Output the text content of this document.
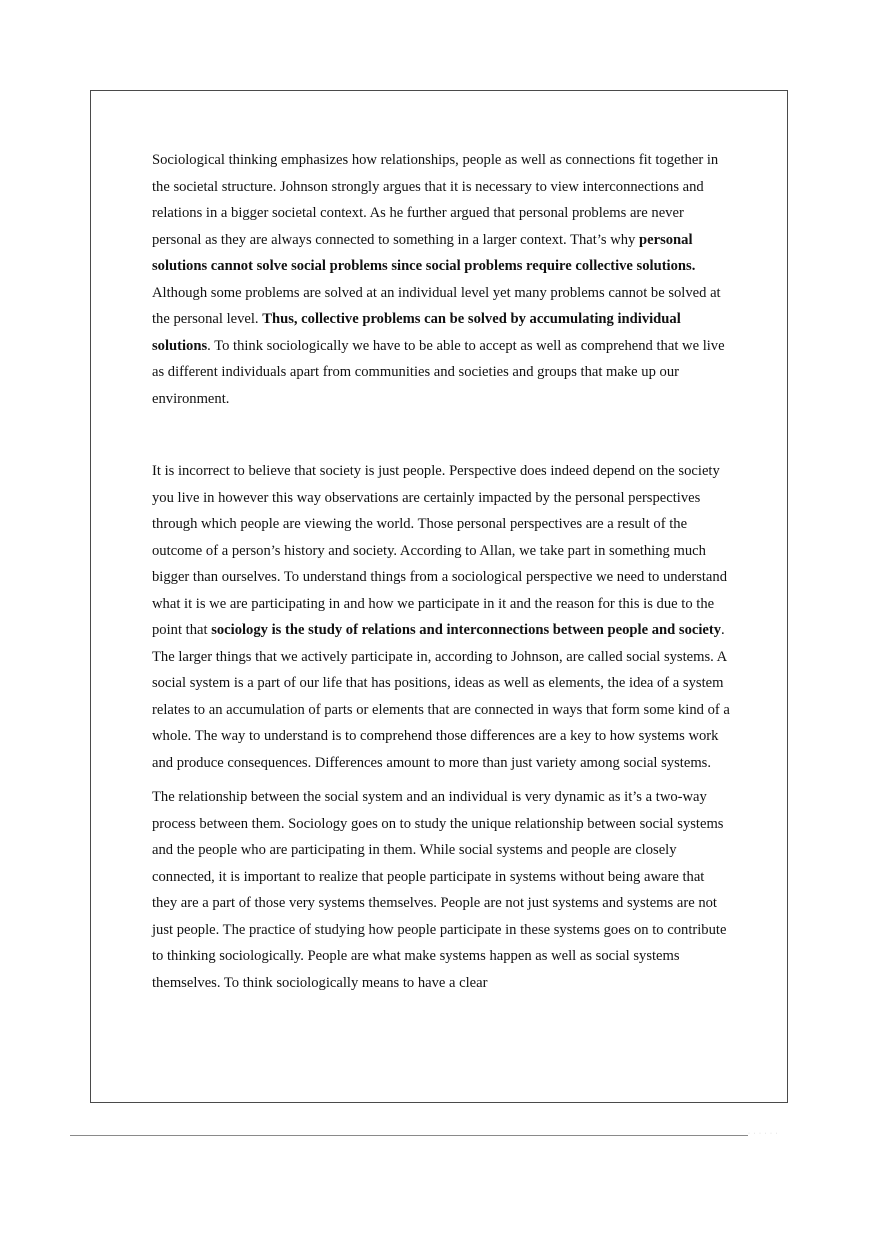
Sociological thinking emphasizes how relationships, people as well as connections fit together in the societal structure. Johnson strongly argues that it is necessary to view interconnections and relations in a bigger societal context. As he further argued that personal problems are never personal as they are always connected to something in a larger context. That’s why personal solutions cannot solve social problems since social problems require collective solutions. Although some problems are solved at an individual level yet many problems cannot be solved at the personal level. Thus, collective problems can be solved by accumulating individual solutions. To think sociologically we have to be able to accept as well as comprehend that we live as different individuals apart from communities and societies and groups that make up our environment.

It is incorrect to believe that society is just people. Perspective does indeed depend on the society you live in however this way observations are certainly impacted by the personal perspectives through which people are viewing the world. Those personal perspectives are a result of the outcome of a person’s history and society. According to Allan, we take part in something much bigger than ourselves. To understand things from a sociological perspective we need to understand what it is we are participating in and how we participate in it and the reason for this is due to the point that sociology is the study of relations and interconnections between people and society. The larger things that we actively participate in, according to Johnson, are called social systems. A social system is a part of our life that has positions, ideas as well as elements, the idea of a system relates to an accumulation of parts or elements that are connected in ways that form some kind of a whole. The way to understand is to comprehend those differences are a key to how systems work and produce consequences. Differences amount to more than just variety among social systems.

The relationship between the social system and an individual is very dynamic as it’s a two-way process between them. Sociology goes on to study the unique relationship between social systems and the people who are participating in them. While social systems and people are closely connected, it is important to realize that people participate in systems without being aware that they are a part of those very systems themselves. People are not just systems and systems are not just people. The practice of studying how people participate in these systems goes on to contribute to thinking sociologically. People are what make systems happen as well as social systems themselves. To think sociologically means to have a clear

· · · · · ·
